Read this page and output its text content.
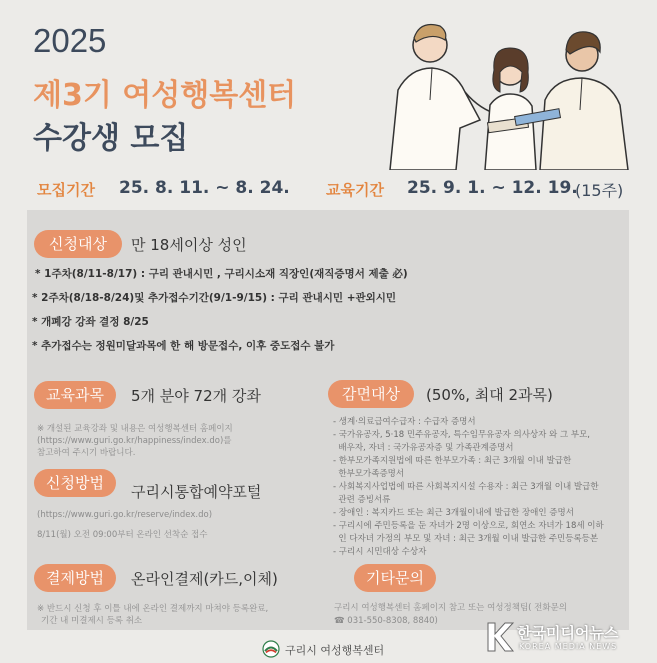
2025
제3기 여성행복센터
수강생 모집
모집기간 25. 8. 11. ~ 8. 24. 교육기간 25. 9. 1. ~ 12. 19.
(15주)
신청대상	만 18세이상 성인
* 1주차(8/11-8/17) : 구리 관내시민 , 구리시소재 직장인(재직증명서 제출 必)
* 2주차(8/18-8/24)및 추가접수기간(9/1-9/15) : 구리 관내시민 +관외시민
* 개폐강 강좌 결정 8/25
* 추가접수는 정원미달과목에 한 해 방문접수, 이후 중도접수 불가
교육과목	5개 분야 72개 강좌
※ 개설된 교육강좌 및 내용은 여성행복센터 홈페이지
(https://www.guri.go.kr/happiness/index.do)를
참고하여 주시기 바랍니다.
신청방법	구리시통합예약포털
(https://www.guri.go.kr/reserve/index.do)
8/11(월) 오전 09:00부터 온라인 선착순 접수
결제방법	온라인결제(카드,이체)
※ 반드시 신청 후 이틀 내에 온라인 결제까지 마쳐야 등록완료,
기간 내 미결제시 등록 취소
감면대상	(50%, 최대 2과목)
- 생계·의료급여수급자 : 수급자 증명서
- 국가유공자, 5·18 민주유공자, 특수임무유공자 의사상자 와 그 부모,
배우자, 자녀 : 국가유공자증 및 가족관계증명서
- 한부모가족지원법에 따른 한부모가족 : 최근 3개월 이내 발급한
한부모가족증명서
- 사회복지사업법에 따른 사회복지시설 수용자 : 최근 3개월 이내 발급한
관련 증빙서류
- 장애인 : 복지카드 또는 최근 3개월이내에 발급한 장애인 증명서
- 구리시에 주민등록을 둔 자녀가 2명 이상으로, 회연소 자녀가 18세 이하
인 다자녀 가정의 부모 및 자녀 : 최근 3개월 이내 발급한 주민등록등본
- 구리시 시민대상 수상자
기타문의
구리시 여성행복센터 홈페이지 참고 또는 여성정책팀( 전화문의
☎ 031-550-8308, 8840)
구리시 여성행복센터
한국미디어뉴스
KOREA MEDIA NEWS
